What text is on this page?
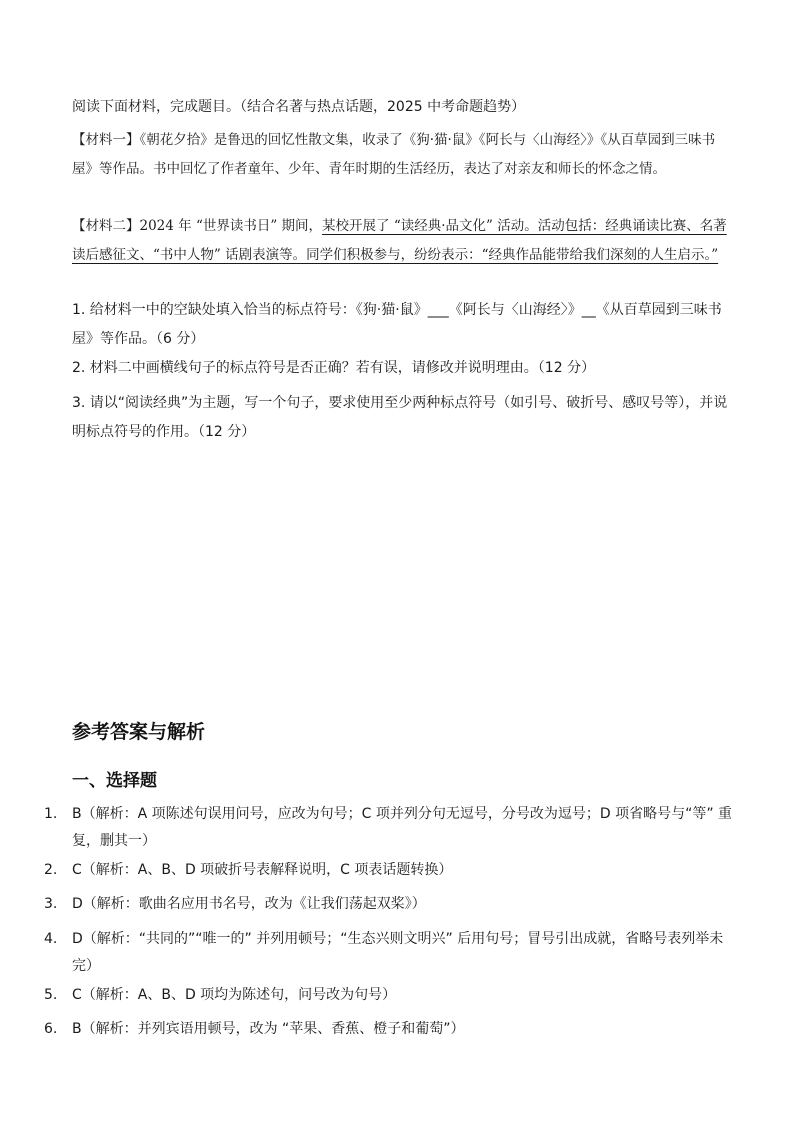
阅读下面材料，完成题目。（结合名著与热点话题，2025 中考命题趋势）

【材料一】《朝花夕拾》是鲁迅的回忆性散文集，收录了《狗·猫·鼠》《阿长与〈山海经〉》《从百草园到三味书屋》等作品。书中回忆了作者童年、少年、青年时期的生活经历，表达了对亲友和师长的怀念之情。

【材料二】2024 年 “世界读书日” 期间，某校开展了 “读经典·品文化” 活动。活动包括：经典诵读比赛、名著读后感征文、“书中人物” 话剧表演等。同学们积极参与，纷纷表示：“经典作品能带给我们深刻的人生启示。”

1. 给材料一中的空缺处填入恰当的标点符号：《狗·猫·鼠》___《阿长与〈山海经〉》__《从百草园到三味书屋》等作品。（6 分）

2. 材料二中画横线句子的标点符号是否正确？若有误，请修改并说明理由。（12 分）

3. 请以“阅读经典”为主题，写一个句子，要求使用至少两种标点符号（如引号、破折号、感叹号等），并说明标点符号的作用。（12 分）

参考答案与解析
一、选择题
1. B（解析：A 项陈述句误用问号，应改为句号；C 项并列分句无逗号，分号改为逗号；D 项省略号与“等” 重复，删其一）
2. C（解析：A、B、D 项破折号表解释说明，C 项表话题转换）
3. D（解析：歌曲名应用书名号，改为《让我们荡起双桨》）
4. D（解析：“共同的”“唯一的” 并列用顿号；“生态兴则文明兴” 后用句号；冒号引出成就，省略号表列举未完）
5. C（解析：A、B、D 项均为陈述句，问号改为句号）
6. B（解析：并列宾语用顿号，改为 “苹果、香蕉、橙子和葡萄”）
